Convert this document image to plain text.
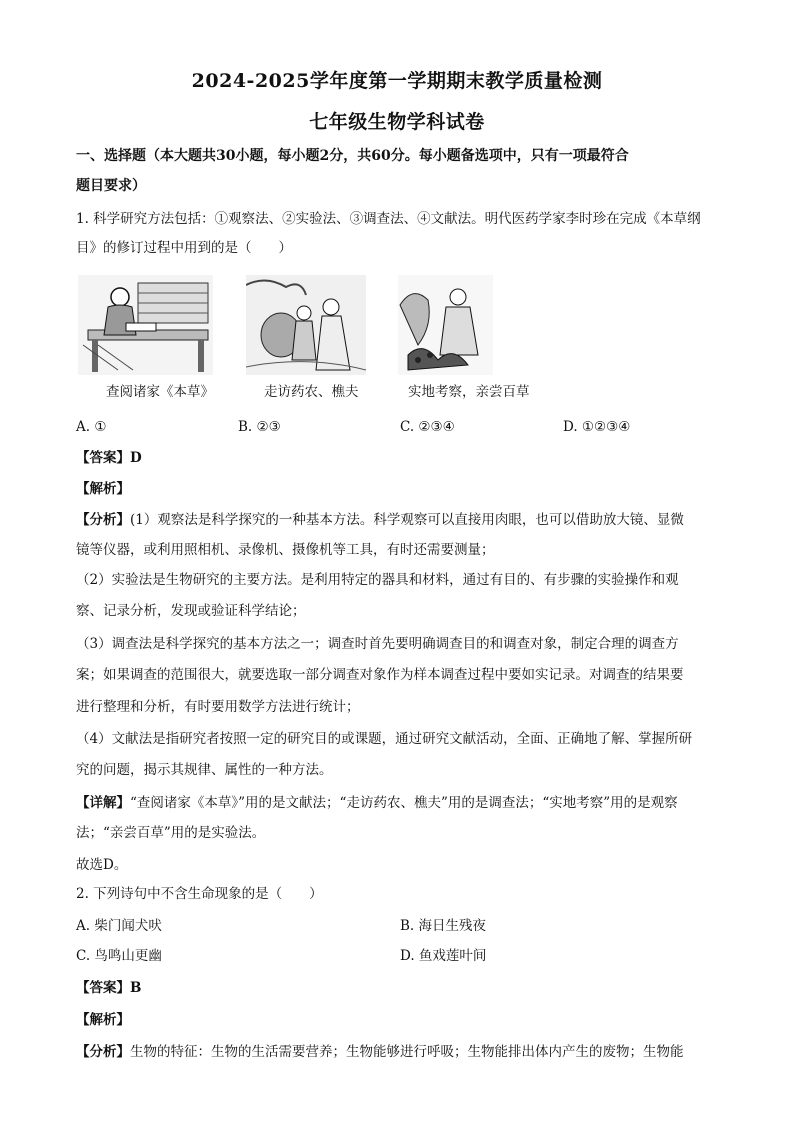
2024-2025学年度第一学期期末教学质量检测
七年级生物学科试卷
一、选择题（本大题共30小题，每小题2分，共60分。每小题备选项中，只有一项最符合
题目要求）
1. 科学研究方法包括：①观察法、②实验法、③调查法、④文献法。明代医药学家李时珍在完成《本草纲
目》的修订过程中用到的是（　　）
查阅诸家《本草》	走访药农、樵夫	实地考察，亲尝百草
A. ①	B. ②③	C. ②③④	D. ①②③④
【答案】D
【解析】
【分析】(1）观察法是科学探究的一种基本方法。科学观察可以直接用肉眼，也可以借助放大镜、显微
镜等仪器，或利用照相机、录像机、摄像机等工具，有时还需要测量；
（2）实验法是生物研究的主要方法。是利用特定的器具和材料，通过有目的、有步骤的实验操作和观
察、记录分析，发现或验证科学结论；
（3）调查法是科学探究的基本方法之一；调查时首先要明确调查目的和调查对象，制定合理的调查方
案；如果调查的范围很大，就要选取一部分调查对象作为样本调查过程中要如实记录。对调查的结果要
进行整理和分析，有时要用数学方法进行统计；
（4）文献法是指研究者按照一定的研究目的或课题，通过研究文献活动，全面、正确地了解、掌握所研
究的问题，揭示其规律、属性的一种方法。
【详解】“查阅诸家《本草》”用的是文献法；“走访药农、樵夫”用的是调查法；“实地考察”用的是观察
法；“亲尝百草”用的是实验法。
故选D。
2. 下列诗句中不含生命现象的是（　　）
A. 柴门闻犬吠	B. 海日生残夜
C. 鸟鸣山更幽	D. 鱼戏莲叶间
【答案】B
【解析】
【分析】生物的特征：生物的生活需要营养；生物能够进行呼吸；生物能排出体内产生的废物；生物能
